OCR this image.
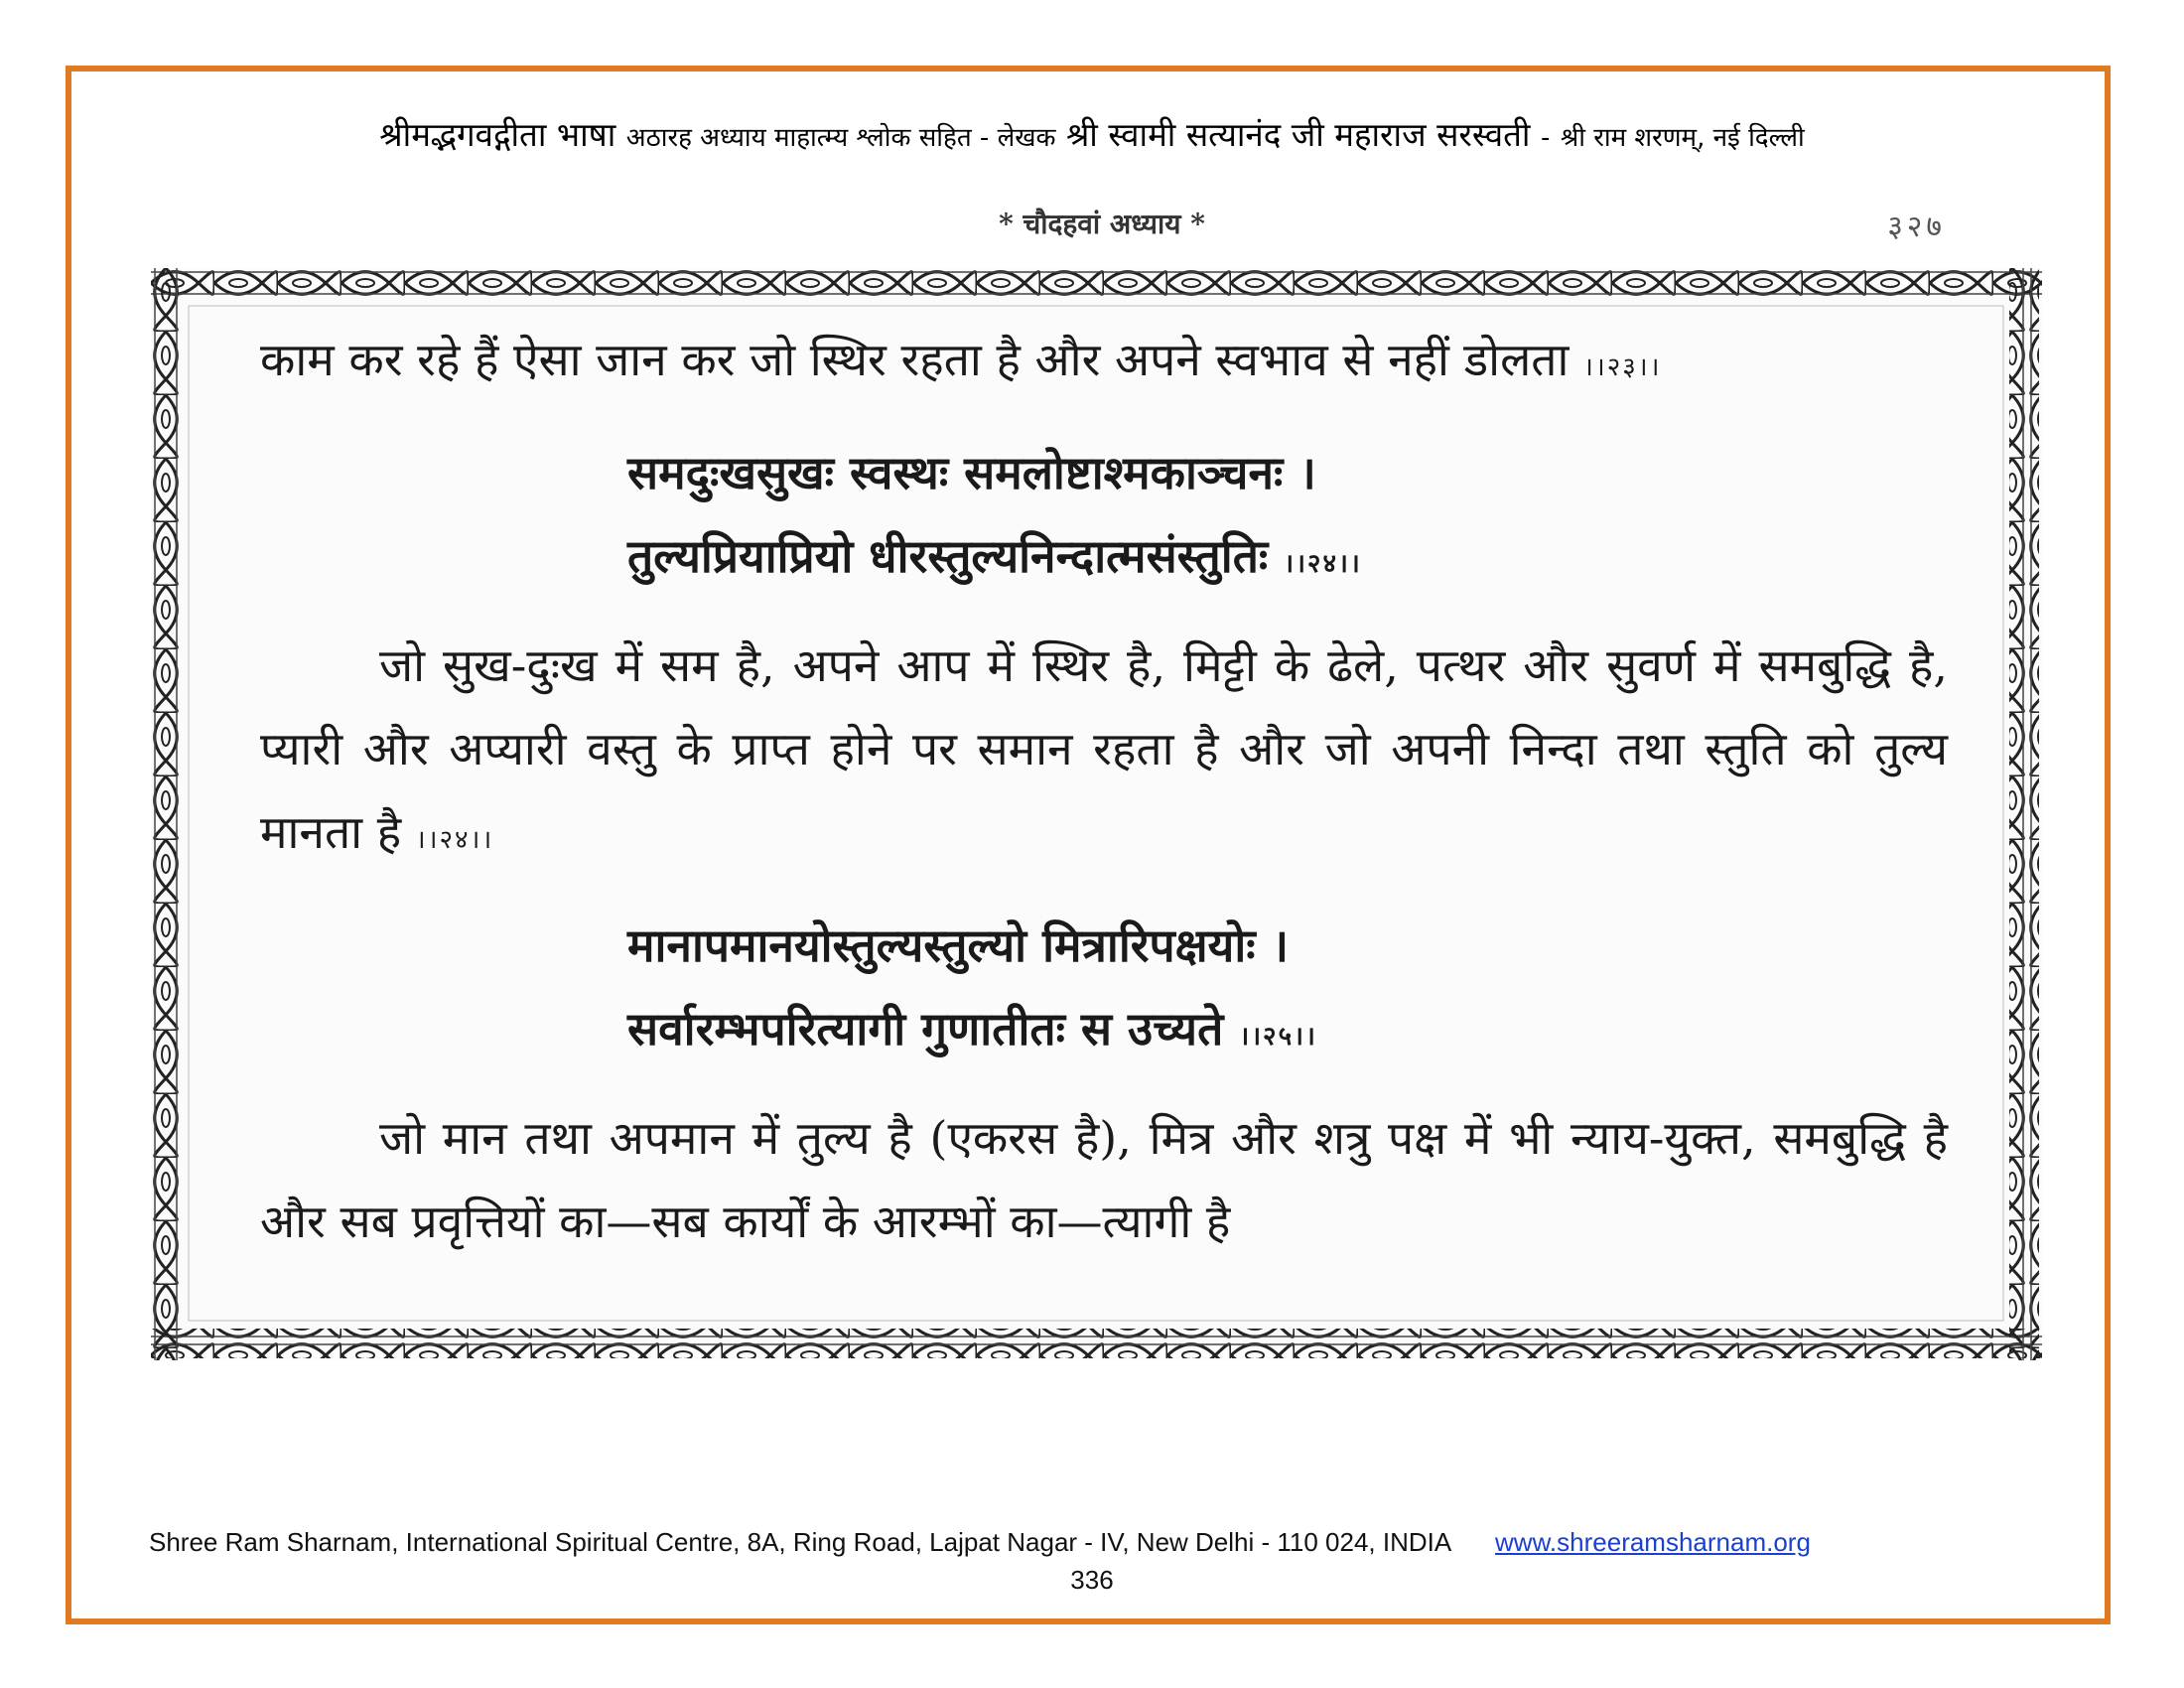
श्रीमद्भगवद्गीता भाषा अठारह अध्याय माहात्म्य श्लोक सहित - लेखक श्री स्वामी सत्यानंद जी महाराज सरस्वती - श्री राम शरणम्, नई दिल्ली
* चौदहवां अध्याय *	३२७

काम कर रहे हैं ऐसा जान कर जो स्थिर रहता है और अपने स्वभाव से नहीं डोलता ।।२३।।

समदुःखसुखः स्वस्थः समलोष्टाश्मकाञ्चनः ।
तुल्यप्रियाप्रियो धीरस्तुल्यनिन्दात्मसंस्तुतिः ।।२४।।

जो सुख-दुःख में सम है, अपने आप में स्थिर है, मिट्टी के ढेले, पत्थर और सुवर्ण में समबुद्धि है, प्यारी और अप्यारी वस्तु के प्राप्त होने पर समान रहता है और जो अपनी निन्दा तथा स्तुति को तुल्य मानता है ।।२४।।

मानापमानयोस्तुल्यस्तुल्यो मित्रारिपक्षयोः ।
सर्वारम्भपरित्यागी गुणातीतः स उच्यते ।।२५।।

जो मान तथा अपमान में तुल्य है (एकरस है), मित्र और शत्रु पक्ष में भी न्याय-युक्त, समबुद्धि है और सब प्रवृत्तियों का—सब कार्यों के आरम्भों का—त्यागी है

Shree Ram Sharnam, International Spiritual Centre, 8A, Ring Road, Lajpat Nagar - IV, New Delhi - 110 024, INDIA www.shreeramsharnam.org
336
